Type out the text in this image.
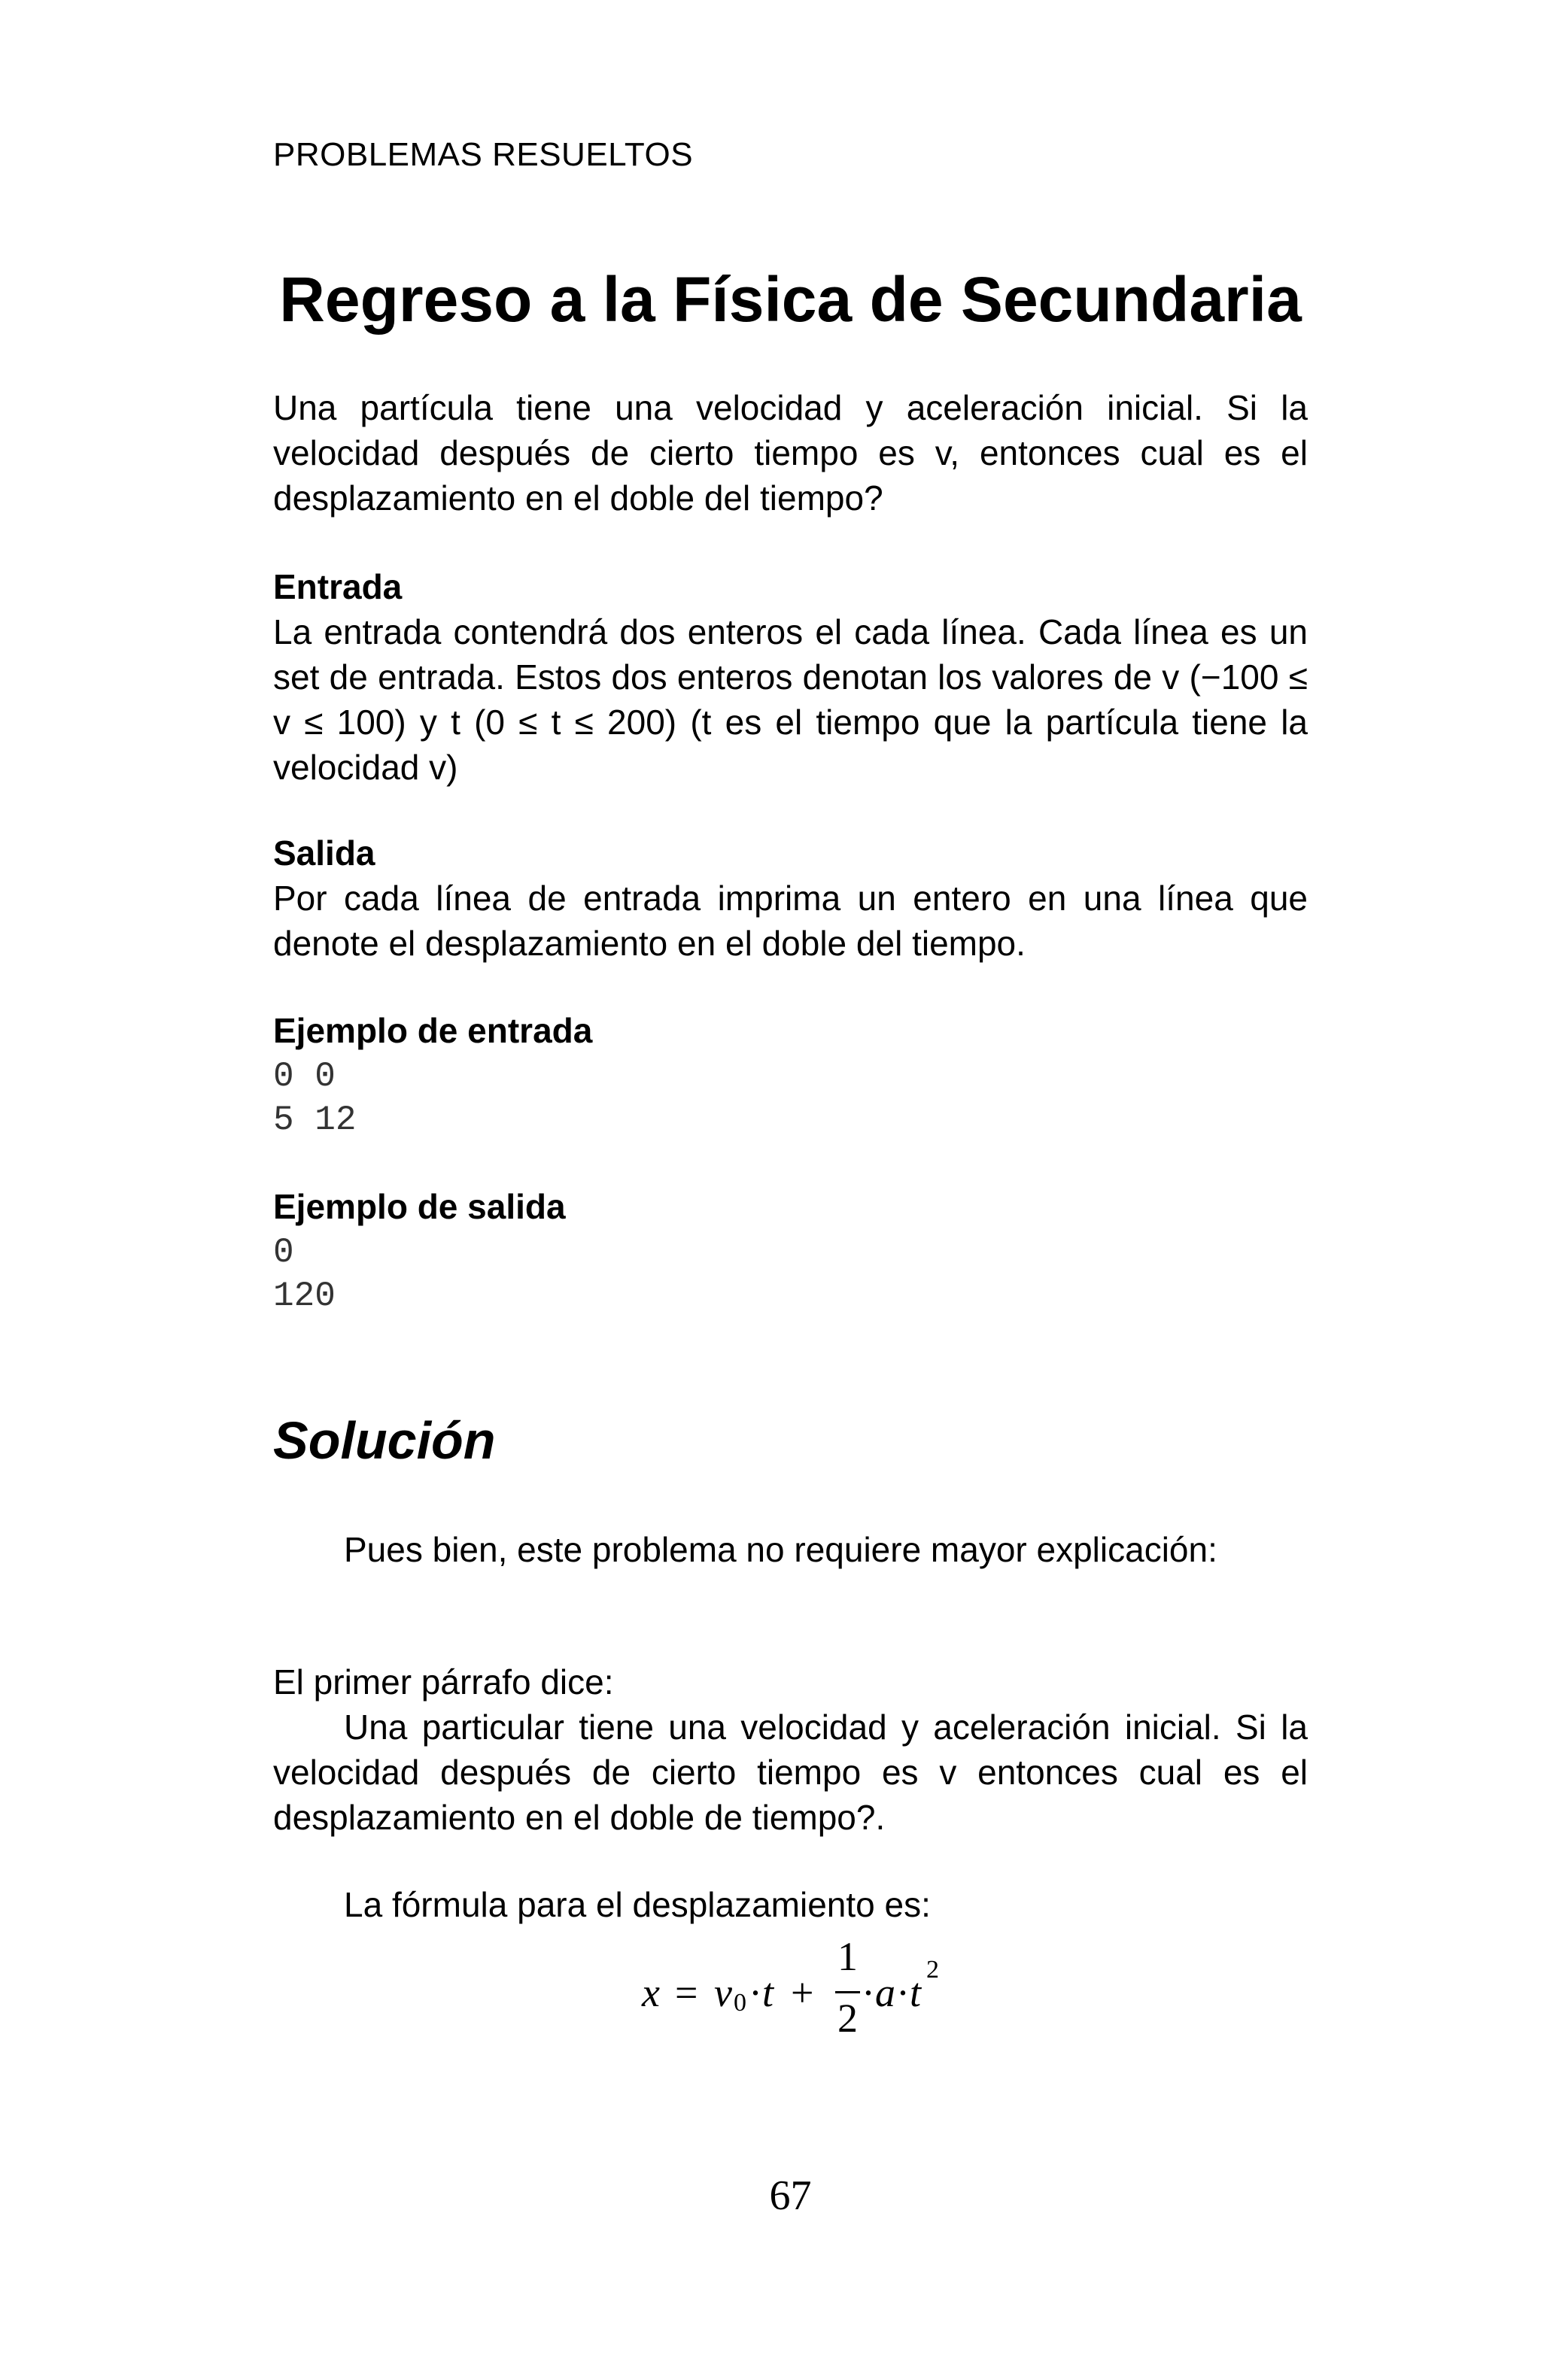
PROBLEMAS RESUELTOS
Regreso a la Física de Secundaria

Una partícula tiene una velocidad y aceleración inicial. Si la velocidad después de cierto tiempo es v, entonces cual es el desplazamiento en el doble del tiempo?

Entrada

La entrada contendrá dos enteros el cada línea. Cada línea es un set de entrada. Estos dos enteros denotan los valores de v (−100 ≤ v ≤ 100) y t (0 ≤ t ≤ 200) (t es el tiempo que la partícula tiene la velocidad v)

Salida

Por cada línea de entrada imprima un entero en una línea que denote el desplazamiento en el doble del tiempo.

Ejemplo de entrada
0 0
5 12
Ejemplo de salida
0
120
Solución

Pues bien, este problema no requiere mayor explicación:

El primer párrafo dice:

Una particular tiene una velocidad y aceleración inicial. Si la velocidad después de cierto tiempo es v entonces cual es el desplazamiento en el doble de tiempo?.

La fórmula para el desplazamiento es:

x = v 0 · t +
1
2
· a · t
2
67
